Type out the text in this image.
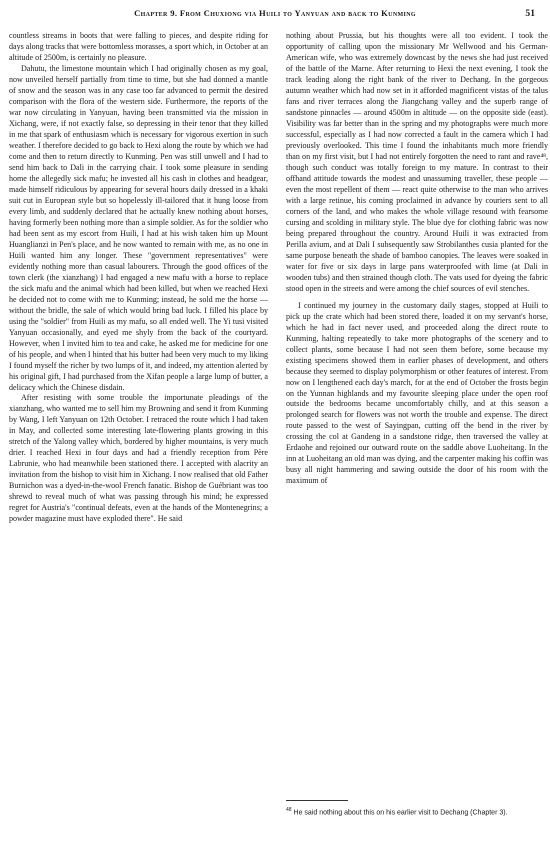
Chapter 9. From Chuxiong via Huili to Yanyuan and back to Kunming	51

countless streams in boots that were falling to pieces, and despite riding for days along tracks that were bottomless morasses, a sport which, in October at an altitude of 2500m, is certainly no pleasure.

Dahutu, the limestone mountain which I had originally chosen as my goal, now unveiled herself partially from time to time, but she had donned a mantle of snow and the season was in any case too far advanced to permit the desired comparison with the flora of the western side. Furthermore, the reports of the war now circulating in Yanyuan, having been transmitted via the mission in Xichang, were, if not exactly false, so depressing in their tenor that they killed in me that spark of enthusiasm which is necessary for vigorous exertion in such weather. I therefore decided to go back to Hexi along the route by which we had come and then to return directly to Kunming. Pen was still unwell and I had to send him back to Dali in the carrying chair. I took some pleasure in sending home the allegedly sick mafu; he invested all his cash in clothes and headgear, made himself ridiculous by appearing for several hours daily dressed in a khaki suit cut in European style but so hopelessly ill-tailored that it hung loose from every limb, and suddenly declared that he actually knew nothing about horses, having formerly been nothing more than a simple soldier. As for the soldier who had been sent as my escort from Huili, I had at his wish taken him up Mount Huanglianzi in Pen's place, and he now wanted to remain with me, as no one in Huili wanted him any longer. These "government representatives" were evidently nothing more than casual labourers. Through the good offices of the town clerk (the xianzhang) I had engaged a new mafu with a horse to replace the sick mafu and the animal which had been killed, but when we reached Hexi he decided not to come with me to Kunming; instead, he sold me the horse — without the bridle, the sale of which would bring bad luck. I filled his place by using the "soldier" from Huili as my mafu, so all ended well. The Yi tusi visited Yanyuan occasionally, and eyed me shyly from the back of the courtyard. However, when I invited him to tea and cake, he asked me for medicine for one of his people, and when I hinted that his butter had been very much to my liking I found myself the richer by two lumps of it, and indeed, my attention alerted by his original gift, I had purchased from the Xifan people a large lump of butter, a delicacy which the Chinese disdain.

After resisting with some trouble the importunate pleadings of the xianzhang, who wanted me to sell him my Browning and send it from Kunming by Wang, I left Yanyuan on 12th October. I retraced the route which I had taken in May, and collected some interesting late-flowering plants growing in this stretch of the Yalong valley which, bordered by higher mountains, is very much drier. I reached Hexi in four days and had a friendly reception from Père Labrunie, who had meanwhile been stationed there. I accepted with alacrity an invitation from the bishop to visit him in Xichang. I now realised that old Father Burnichon was a dyed-in-the-wool French fanatic. Bishop de Guébriant was too shrewd to reveal much of what was passing through his mind; he expressed regret for Austria's "continual defeats, even at the hands of the Montenegrins; a powder magazine must have exploded there". He said

nothing about Prussia, but his thoughts were all too evident. I took the opportunity of calling upon the missionary Mr Wellwood and his German-American wife, who was extremely downcast by the news she had just received of the battle of the Marne. After returning to Hexi the next evening, I took the track leading along the right bank of the river to Dechang. In the gorgeous autumn weather which had now set in it afforded magnificent vistas of the talus fans and river terraces along the Jiangchang valley and the superb range of sandstone pinnacles — around 4500m in altitude — on the opposite side (east). Visibility was far better than in the spring and my photographs were much more successful, especially as I had now corrected a fault in the camera which I had previously overlooked. This time I found the inhabitants much more friendly than on my first visit, but I had not entirely forgotten the need to rant and rave⁴⁸, though such conduct was totally foreign to my mature. In contrast to their offhand attitude towards the modest and unassuming traveller, these people — even the most repellent of them — react quite otherwise to the man who arrives with a large retinue, his coming proclaimed in advance by couriers sent to all corners of the land, and who makes the whole village resound with fearsome cursing and scolding in military style. The blue dye for clothing fabric was now being prepared throughout the country. Around Huili it was extracted from Perilla avium, and at Dali I subsequently saw Strobilanthes cusia planted for the same purpose beneath the shade of bamboo canopies. The leaves were soaked in water for five or six days in large pans waterproofed with lime (at Dali in wooden tubs) and then strained though cloth. The vats used for dyeing the fabric stood open in the streets and were among the chief sources of evil stenches.

I continued my journey in the customary daily stages, stopped at Huili to pick up the crate which had been stored there, loaded it on my servant's horse, which he had in fact never used, and proceeded along the direct route to Kunming, halting repeatedly to take more photographs of the scenery and to collect plants, some because I had not seen them before, some because my existing specimens showed them in earlier phases of development, and others because they seemed to display polymorphism or other features of interest. From now on I lengthened each day's march, for at the end of October the frosts begin on the Yunnan highlands and my favourite sleeping place under the open roof outside the bedrooms became uncomfortably chilly, and at this season a prolonged search for flowers was not worth the trouble and expense. The direct route passed to the west of Sayingpan, cutting off the bend in the river by crossing the col at Gandeng in a sandstone ridge, then traversed the valley at Erdaohe and rejoined our outward route on the saddle above Luoheitang. In the inn at Luoheitang an old man was dying, and the carpenter making his coffin was busy all night hammering and sawing outside the door of his room with the maximum of

$^{48}$ He said nothing about this on his earlier visit to Dechang (Chapter 3).
